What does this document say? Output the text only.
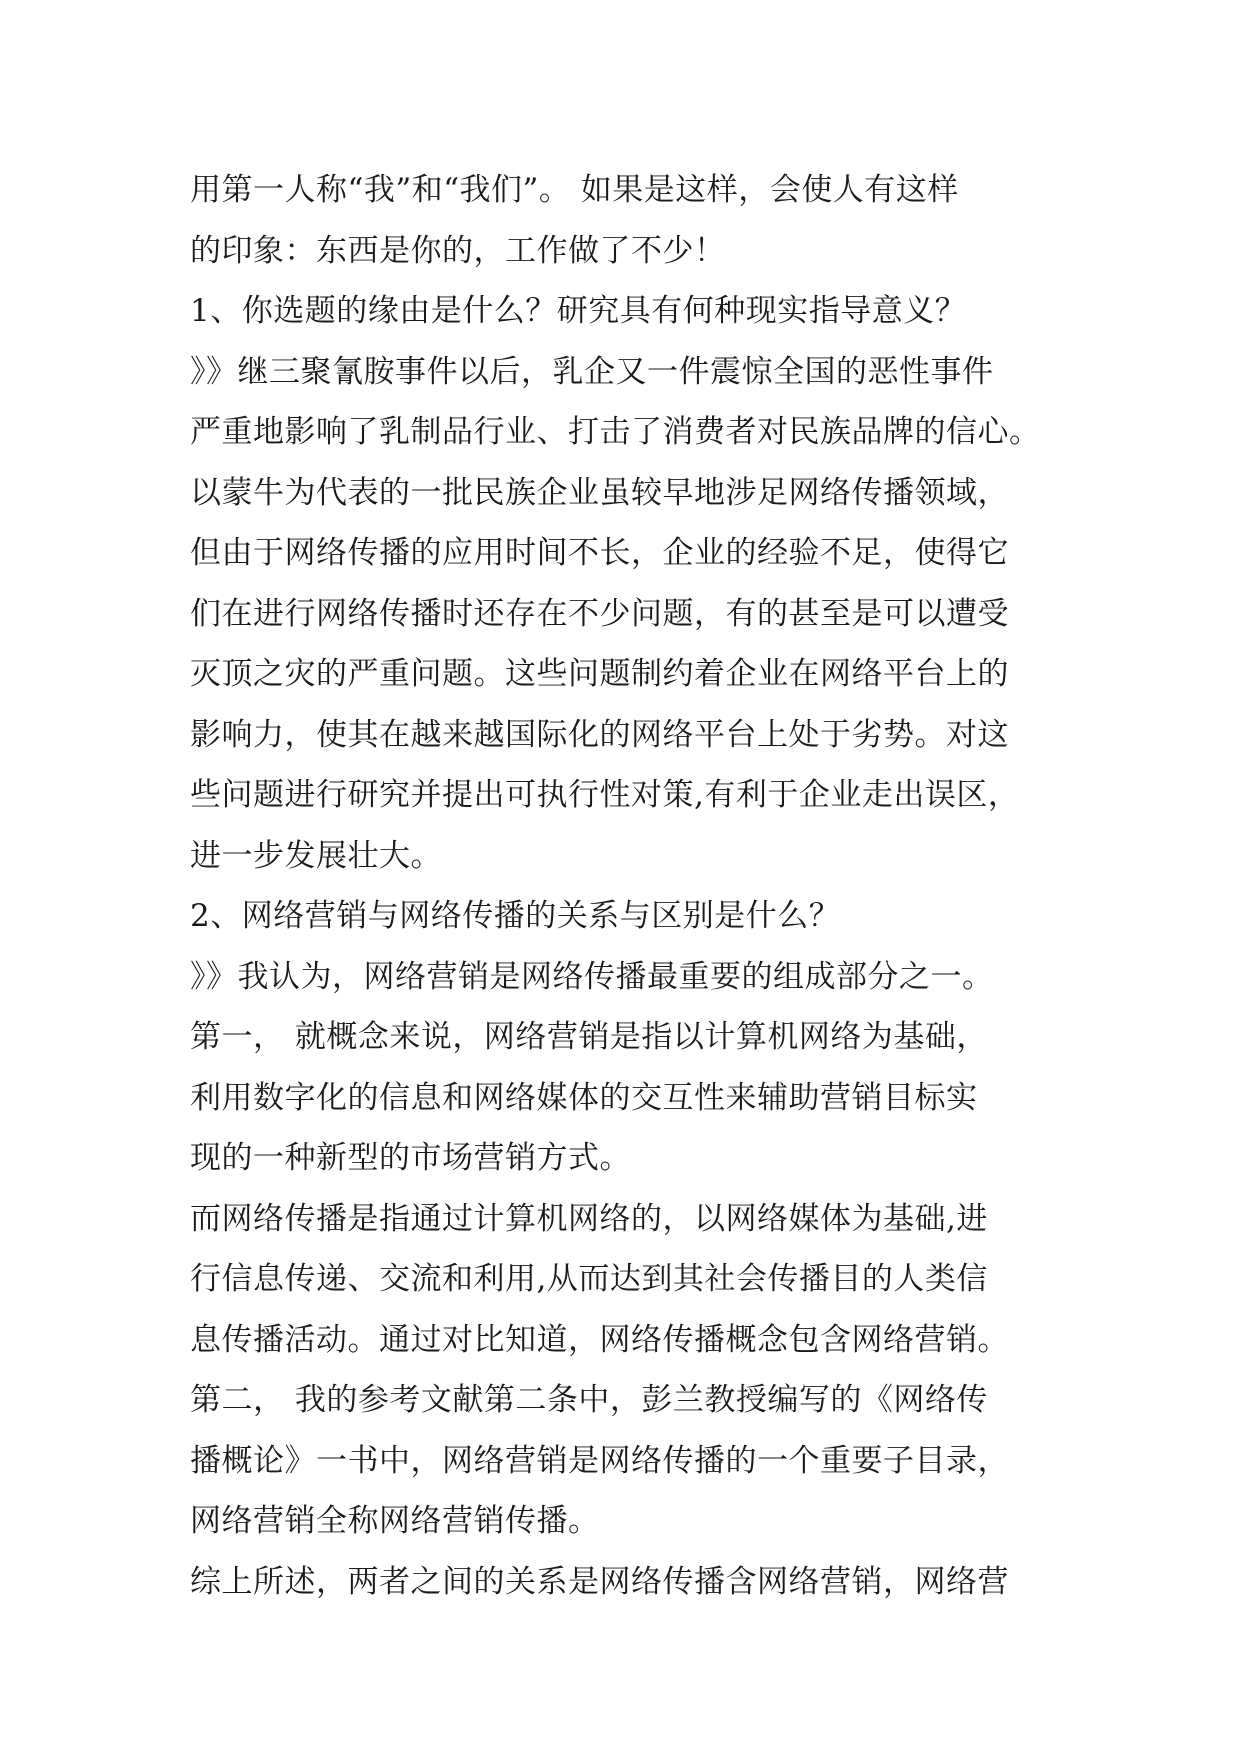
用第一人称“我”和“我们”。 如果是这样，会使人有这样
的印象：东西是你的，工作做了不少！
1、你选题的缘由是什么？研究具有何种现实指导意义？
》》继三聚氰胺事件以后，乳企又一件震惊全国的恶性事件
严重地影响了乳制品行业、打击了消费者对民族品牌的信心。
以蒙牛为代表的一批民族企业虽较早地涉足网络传播领域，
但由于网络传播的应用时间不长，企业的经验不足，使得它
们在进行网络传播时还存在不少问题，有的甚至是可以遭受
灭顶之灾的严重问题。这些问题制约着企业在网络平台上的
影响力，使其在越来越国际化的网络平台上处于劣势。对这
些问题进行研究并提出可执行性对策,有利于企业走出误区，
进一步发展壮大。
2、网络营销与网络传播的关系与区别是什么？
》》我认为，网络营销是网络传播最重要的组成部分之一。
第一， 就概念来说，网络营销是指以计算机网络为基础，
利用数字化的信息和网络媒体的交互性来辅助营销目标实
现的一种新型的市场营销方式。
而网络传播是指通过计算机网络的，以网络媒体为基础,进
行信息传递、交流和利用,从而达到其社会传播目的人类信
息传播活动。通过对比知道，网络传播概念包含网络营销。
第二， 我的参考文献第二条中，彭兰教授编写的《网络传
播概论》一书中，网络营销是网络传播的一个重要子目录，
网络营销全称网络营销传播。
综上所述，两者之间的关系是网络传播含网络营销，网络营
